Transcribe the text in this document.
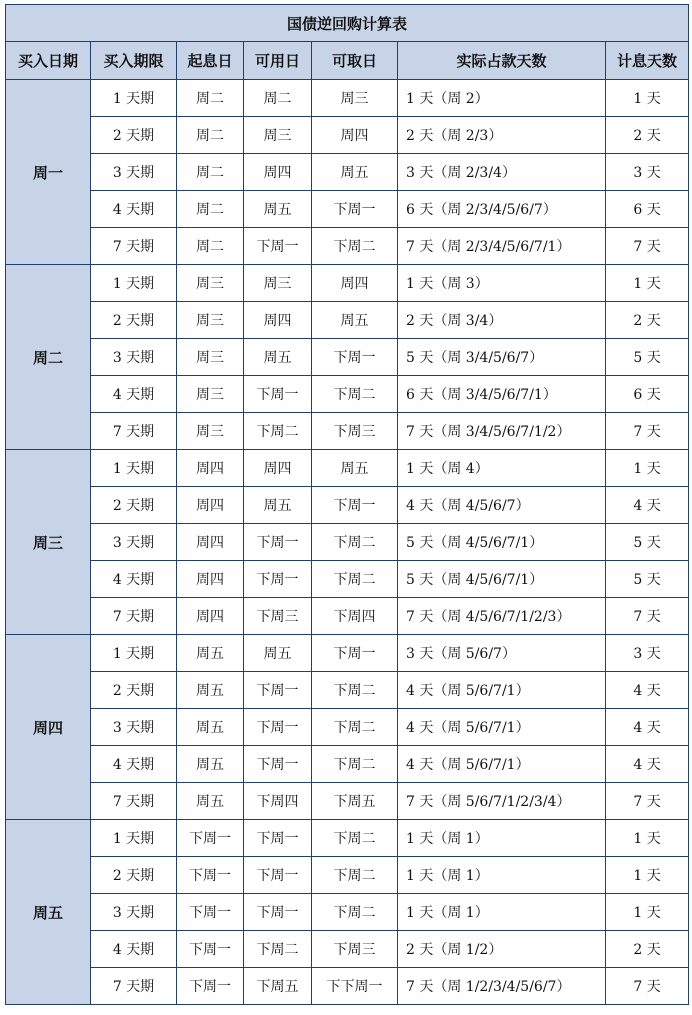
国债逆回购计算表						
买入日期	买入期限	起息日	可用日	可取日	实际占款天数	计息天数
周一	1 天期	周二	周二	周三	1 天（周 2）	1 天
	2 天期	周二	周三	周四	2 天（周 2/3）	2 天
	3 天期	周二	周四	周五	3 天（周 2/3/4）	3 天
	4 天期	周二	周五	下周一	6 天（周 2/3/4/5/6/7）	6 天
	7 天期	周二	下周一	下周二	7 天（周 2/3/4/5/6/7/1）	7 天
周二	1 天期	周三	周三	周四	1 天（周 3）	1 天
	2 天期	周三	周四	周五	2 天（周 3/4）	2 天
	3 天期	周三	周五	下周一	5 天（周 3/4/5/6/7）	5 天
	4 天期	周三	下周一	下周二	6 天（周 3/4/5/6/7/1）	6 天
	7 天期	周三	下周二	下周三	7 天（周 3/4/5/6/7/1/2）	7 天
周三	1 天期	周四	周四	周五	1 天（周 4）	1 天
	2 天期	周四	周五	下周一	4 天（周 4/5/6/7）	4 天
	3 天期	周四	下周一	下周二	5 天（周 4/5/6/7/1）	5 天
	4 天期	周四	下周一	下周二	5 天（周 4/5/6/7/1）	5 天
	7 天期	周四	下周三	下周四	7 天（周 4/5/6/7/1/2/3）	7 天
周四	1 天期	周五	周五	下周一	3 天（周 5/6/7）	3 天
	2 天期	周五	下周一	下周二	4 天（周 5/6/7/1）	4 天
	3 天期	周五	下周一	下周二	4 天（周 5/6/7/1）	4 天
	4 天期	周五	下周一	下周二	4 天（周 5/6/7/1）	4 天
	7 天期	周五	下周四	下周五	7 天（周 5/6/7/1/2/3/4）	7 天
周五	1 天期	下周一	下周一	下周二	1 天（周 1）	1 天
	2 天期	下周一	下周一	下周二	1 天（周 1）	1 天
	3 天期	下周一	下周一	下周二	1 天（周 1）	1 天
	4 天期	下周一	下周二	下周三	2 天（周 1/2）	2 天
	7 天期	下周一	下周五	下下周一	7 天（周 1/2/3/4/5/6/7）	7 天
